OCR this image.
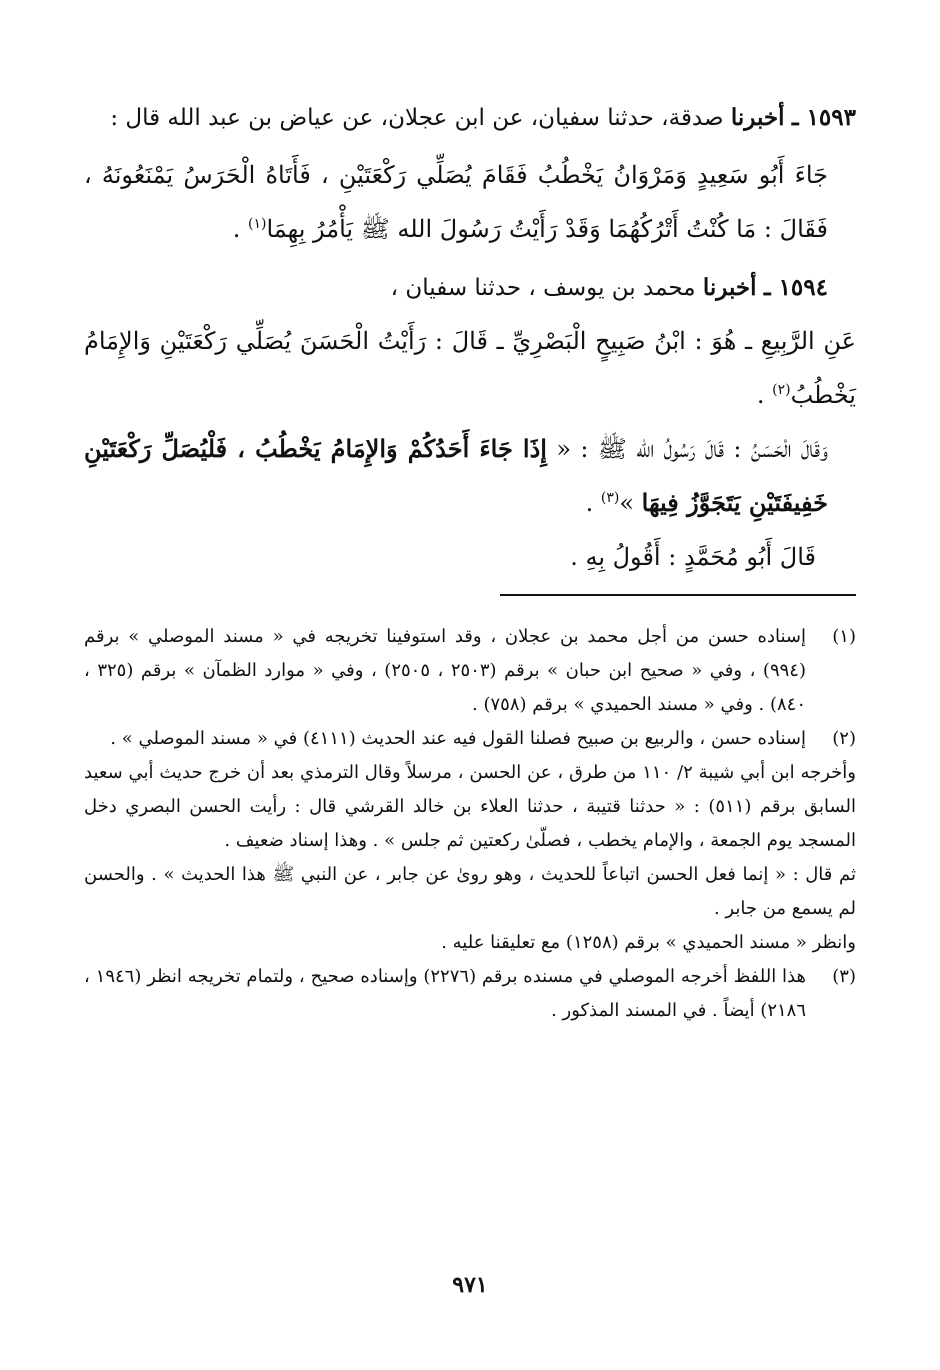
١٥٩٣ ـ أخبرنا صدقة، حدثنا سفيان، عن ابن عجلان، عن عياض بن عبد الله قال :

جَاءَ أَبُو سَعِيدٍ وَمَرْوَانُ يَخْطُبُ فَقَامَ يُصَلِّي رَكْعَتَيْنِ ، فَأَتَاهُ الْحَرَسُ يَمْنَعُونَهُ ، فَقَالَ : مَا كُنْتُ أَتْرُكُهُمَا وَقَدْ رَأَيْتُ رَسُولَ الله ﷺ يَأْمُرُ بِهِمَا$^{(١)}$ .

١٥٩٤ ـ أخبرنا محمد بن يوسف ، حدثنا سفيان ،

عَنِ الرَّبِيعِ ـ هُوَ : ابْنُ صَبِيحٍ الْبَصْرِيِّ ـ قَالَ : رَأَيْتُ الْحَسَنَ يُصَلِّي رَكْعَتَيْنِ وَالإِمَامُ يَخْطُبُ$^{(٢)}$ .

وَقَالَ الْحَسَنُ : قَالَ رَسُولُ الله ﷺ : « إِذَا جَاءَ أَحَدُكُمْ وَالإِمَامُ يَخْطُبُ ، فَلْيُصَلِّ رَكْعَتَيْنِ خَفِيفَتَيْنِ يَتَجَوَّزُ فِيهَا »$^{(٣)}$ .

قَالَ أَبُو مُحَمَّدٍ : أَقُولُ بِهِ .

(١)
إسناده حسن من أجل محمد بن عجلان ، وقد استوفينا تخريجه في « مسند الموصلي » برقم (٩٩٤) ، وفي « صحيح ابن حبان » برقم (٢٥٠٣ ، ٢٥٠٥) ، وفي « موارد الظمآن » برقم (٣٢٥ ، ٨٤٠) . وفي « مسند الحميدي » برقم (٧٥٨) .
(٢)
إسناده حسن ، والربيع بن صبيح فصلنا القول فيه عند الحديث (٤١١١) في « مسند الموصلي » .

وأخرجه ابن أبي شيبة ٢/ ١١٠ من طرق ، عن الحسن ، مرسلاً وقال الترمذي بعد أن خرج حديث أبي سعيد السابق برقم (٥١١) : « حدثنا قتيبة ، حدثنا العلاء بن خالد القرشي قال : رأيت الحسن البصري دخل المسجد يوم الجمعة ، والإمام يخطب ، فصلّىٰ ركعتين ثم جلس » . وهذا إسناد ضعيف .

ثم قال : « إنما فعل الحسن اتباعاً للحديث ، وهو روىٰ عن جابر ، عن النبي ﷺ هذا الحديث » . والحسن لم يسمع من جابر .

وانظر « مسند الحميدي » برقم (١٢٥٨) مع تعليقنا عليه .

(٣)
هذا اللفظ أخرجه الموصلي في مسنده برقم (٢٢٧٦) وإسناده صحيح ، ولتمام تخريجه انظر (١٩٤٦ ، ٢١٨٦) أيضاً . في المسند المذكور .
٩٧١
